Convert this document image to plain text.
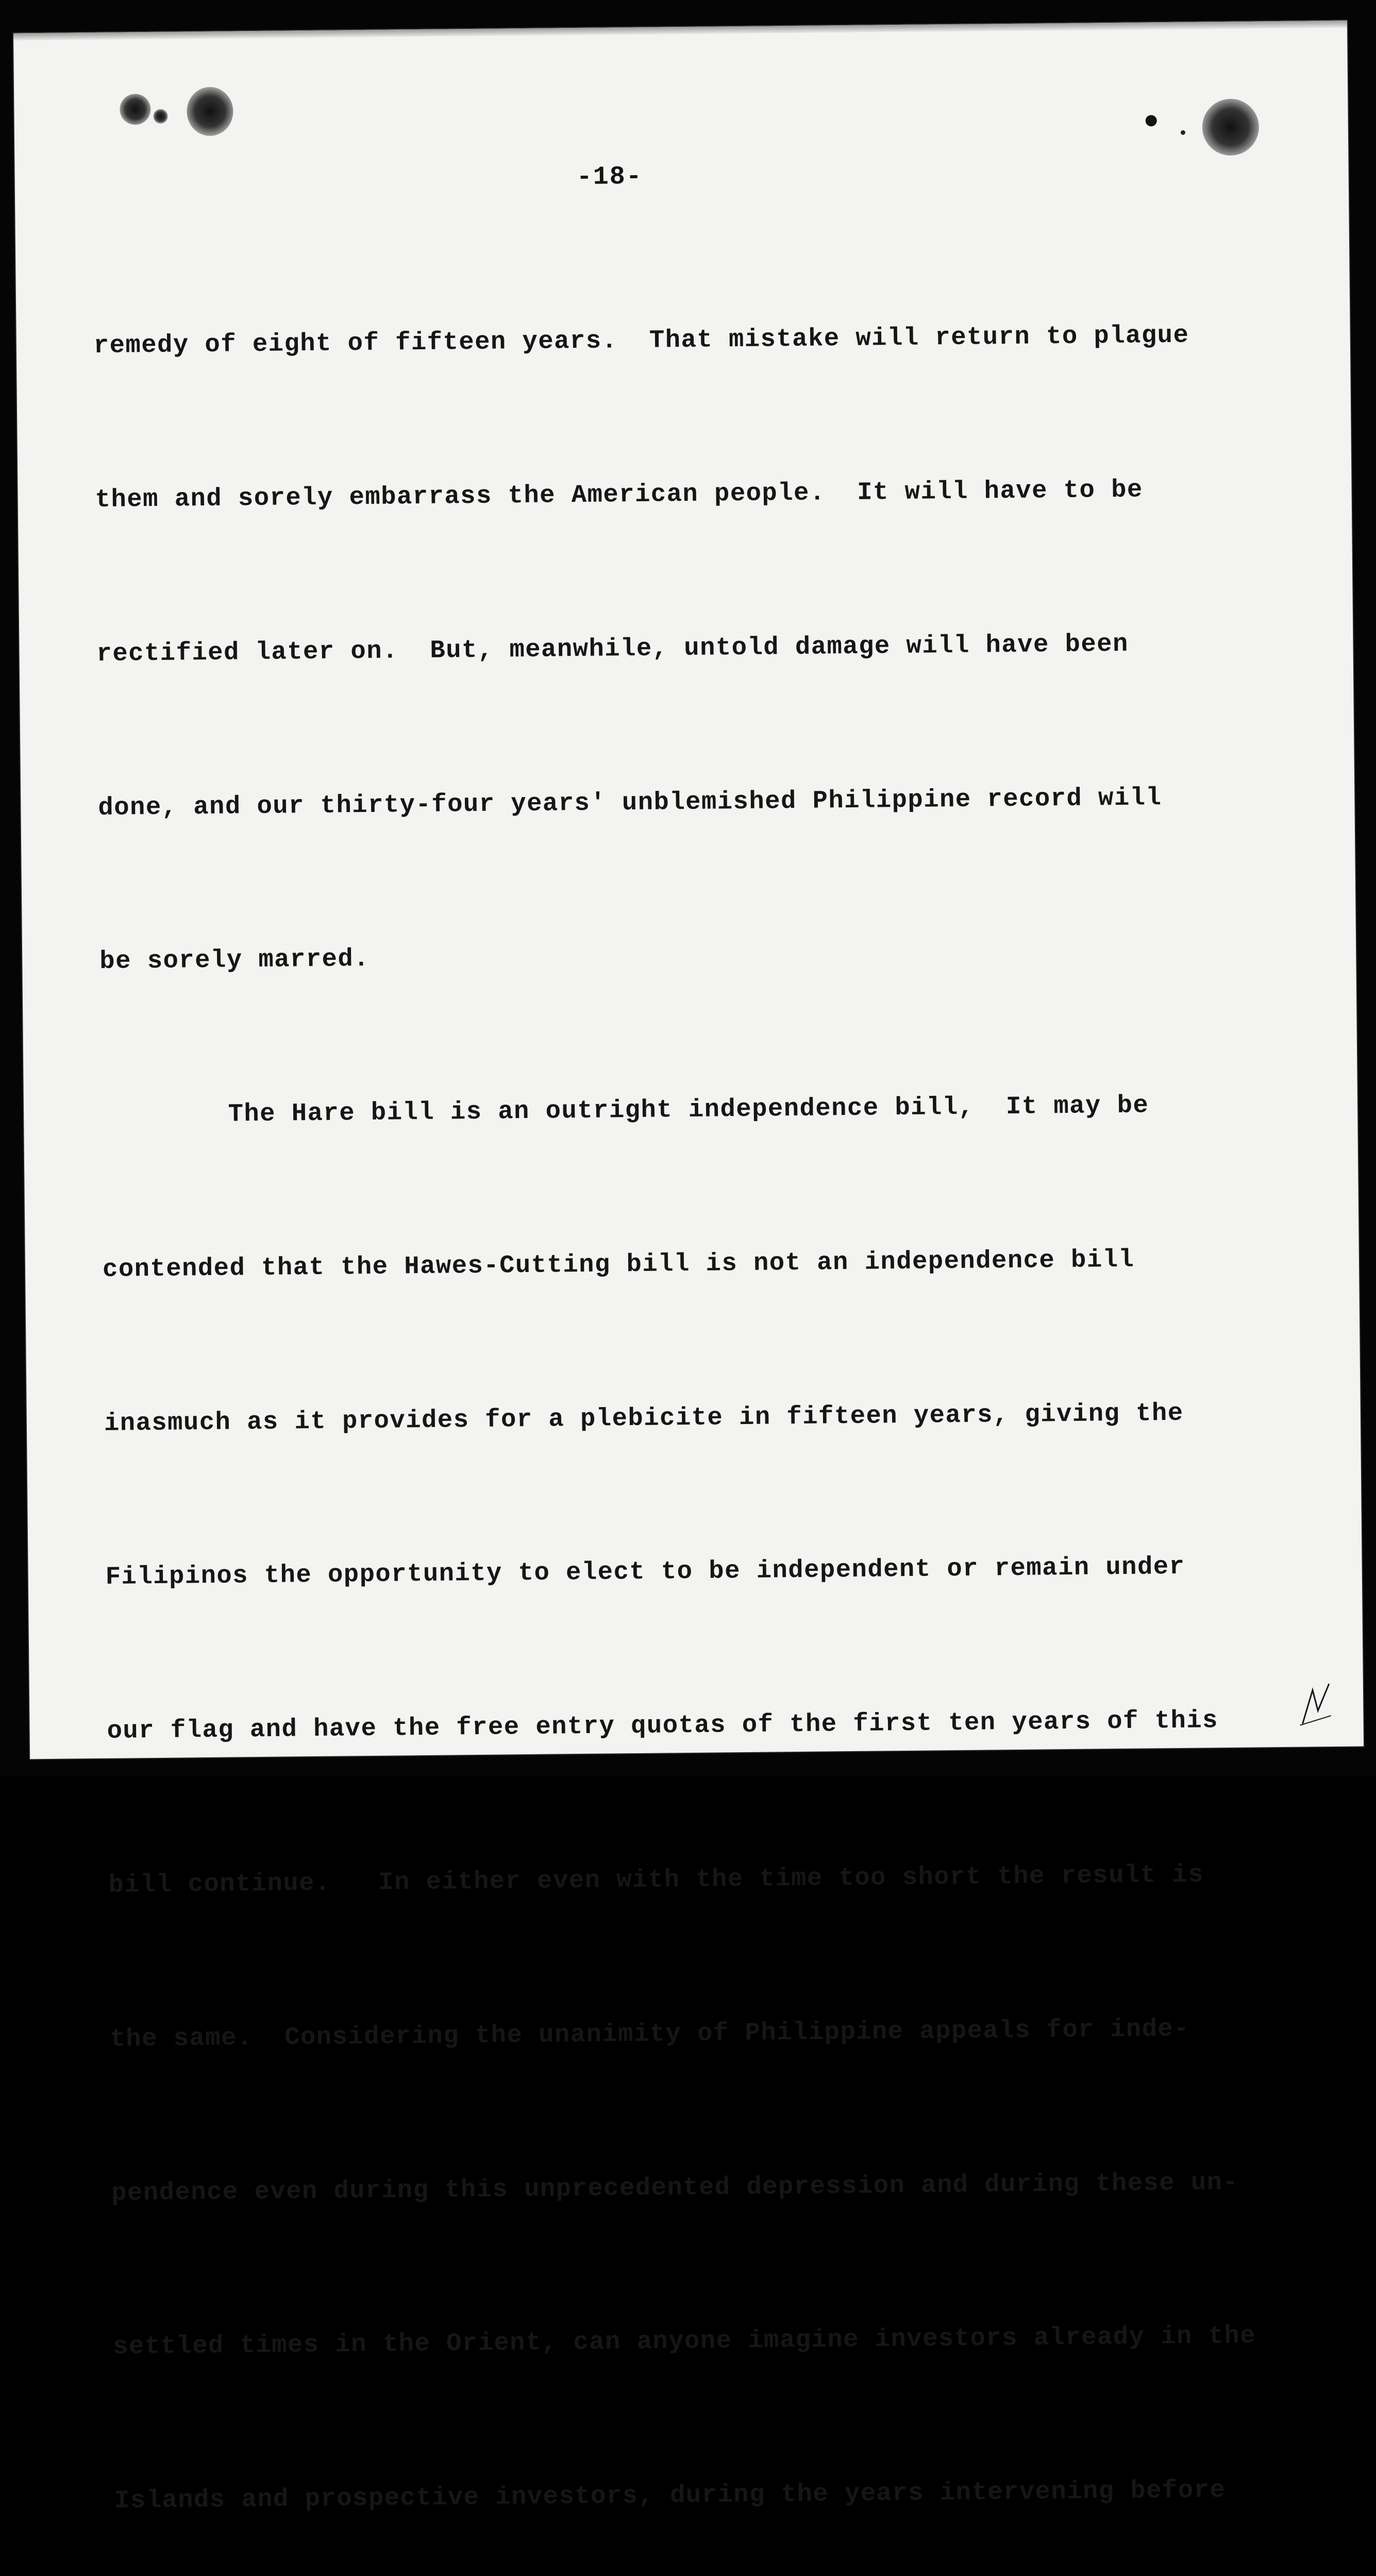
-18-

remedy of eight of fifteen years.  That mistake will return to plague

them and sorely embarrass the American people.  It will have to be

rectified later on.  But, meanwhile, untold damage will have been

done, and our thirty-four years' unblemished Philippine record will

be sorely marred.

The Hare bill is an outright independence bill,  It may be

contended that the Hawes-Cutting bill is not an independence bill

inasmuch as it provides for a plebicite in fifteen years, giving the

Filipinos the opportunity to elect to be independent or remain under

our flag and have the free entry quotas of the first ten years of this

bill continue.   In either even with the time too short the result is

the same.  Considering the unanimity of Philippine appeals for inde-

pendence even during this unprecedented depression and during these un-

settled times in the Orient, can anyone imagine investors already in the

Islands and prospective investors, during the years intervening before
